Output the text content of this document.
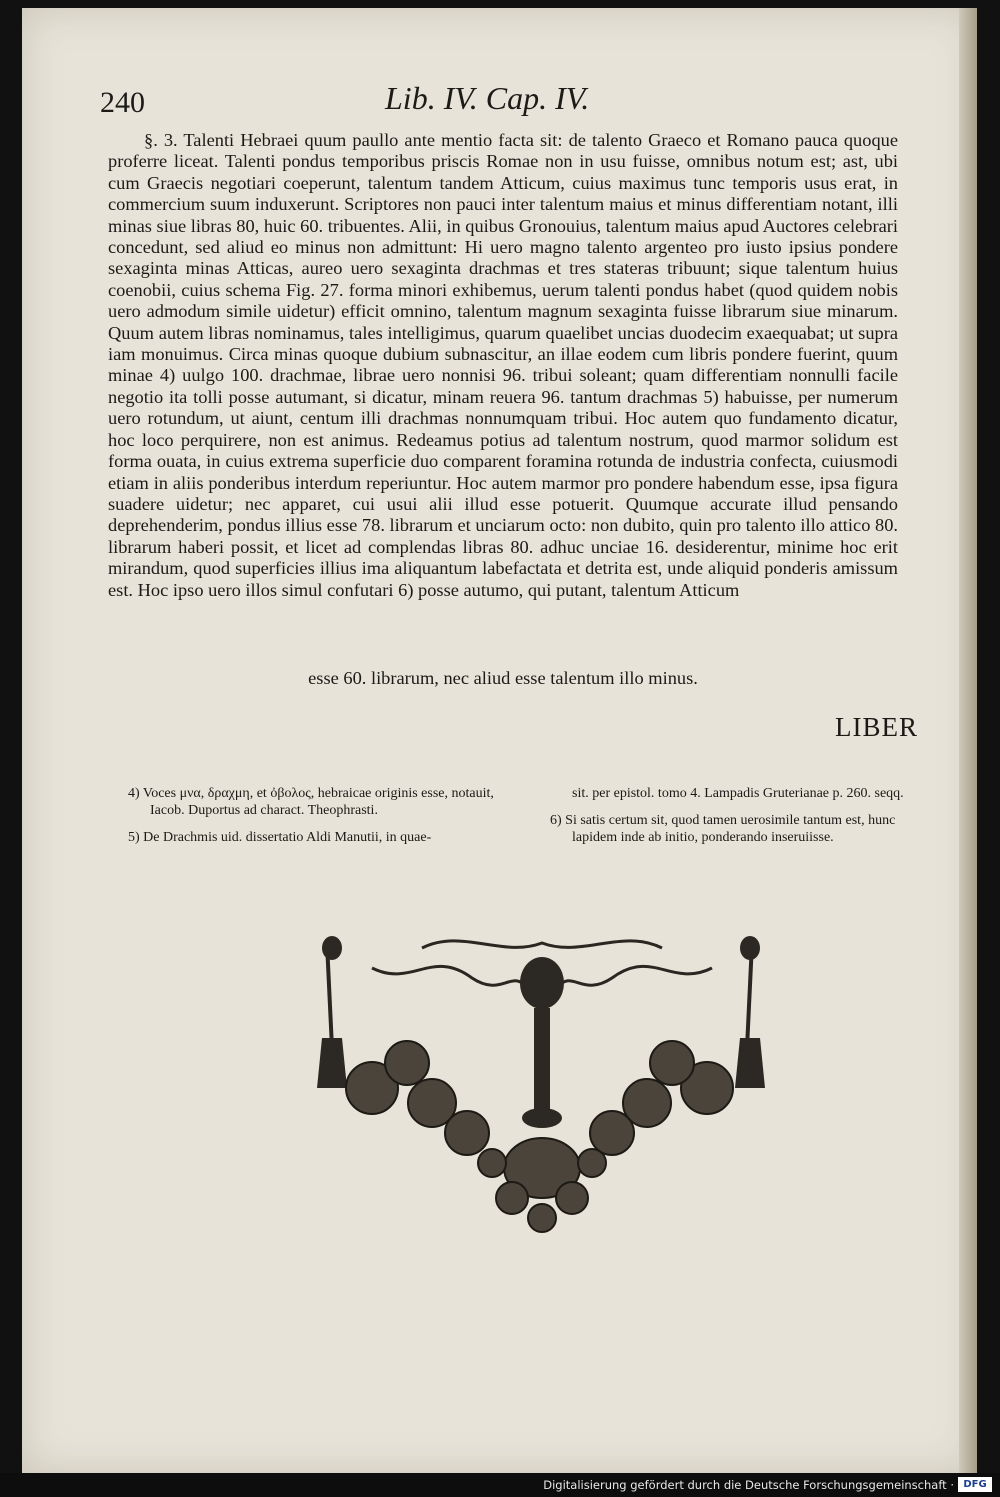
240	Lib. IV. Cap. IV.

§. 3. Talenti Hebraei quum paullo ante mentio facta sit: de talento Graeco et Romano pauca quoque proferre liceat. Talenti pondus temporibus priscis Romae non in usu fuisse, omnibus notum est; ast, ubi cum Graecis negotiari coeperunt, talentum tandem Atticum, cuius maximus tunc temporis usus erat, in commercium suum induxerunt. Scriptores non pauci inter talentum maius et minus differentiam notant, illi minas siue libras 80, huic 60. tribuentes. Alii, in quibus Gronouius, talentum maius apud Auctores celebrari concedunt, sed aliud eo minus non admittunt: Hi uero magno talento argenteo pro iusto ipsius pondere sexaginta minas Atticas, aureo uero sexaginta drachmas et tres stateras tribuunt; sique talentum huius coenobii, cuius schema Fig. 27. forma minori exhibemus, uerum talenti pondus habet (quod quidem nobis uero admodum simile uidetur) efficit omnino, talentum magnum sexaginta fuisse librarum siue minarum. Quum autem libras nominamus, tales intelligimus, quarum quaelibet uncias duodecim exaequabat; ut supra iam monuimus. Circa minas quoque dubium subnascitur, an illae eodem cum libris pondere fuerint, quum minae 4) uulgo 100. drachmae, librae uero nonnisi 96. tribui soleant; quam differentiam nonnulli facile negotio ita tolli posse autumant, si dicatur, minam reuera 96. tantum drachmas 5) habuisse, per numerum uero rotundum, ut aiunt, centum illi drachmas nonnumquam tribui. Hoc autem quo fundamento dicatur, hoc loco perquirere, non est animus. Redeamus potius ad talentum nostrum, quod marmor solidum est forma ouata, in cuius extrema superficie duo comparent foramina rotunda de industria confecta, cuiusmodi etiam in aliis ponderibus interdum reperiuntur. Hoc autem marmor pro pondere habendum esse, ipsa figura suadere uidetur; nec apparet, cui usui alii illud esse potuerit. Quumque accurate illud pensando deprehenderim, pondus illius esse 78. librarum et unciarum octo: non dubito, quin pro talento illo attico 80. librarum haberi possit, et licet ad complendas libras 80. adhuc unciae 16. desiderentur, minime hoc erit mirandum, quod superficies illius ima aliquantum labefactata et detrita est, unde aliquid ponderis amissum est. Hoc ipso uero illos simul confutari 6) posse autumo, qui putant, talentum Atticum

esse 60. librarum, nec aliud esse talentum illo minus.
LIBER

4) Voces μνα, δραχμη, et ὀβολος, hebraicae originis esse, notauit, Iacob. Duportus ad charact. Theophrasti.

5) De Drachmis uid. dissertatio Aldi Manutii, in quae-

sit. per epistol. tomo 4. Lampadis Gruterianae p. 260. seqq.

6) Si satis certum sit, quod tamen uerosimile tantum est, hunc lapidem inde ab initio, ponderando inseruiisse.

Digitalisierung gefördert durch die Deutsche Forschungsgemeinschaft · DFG
